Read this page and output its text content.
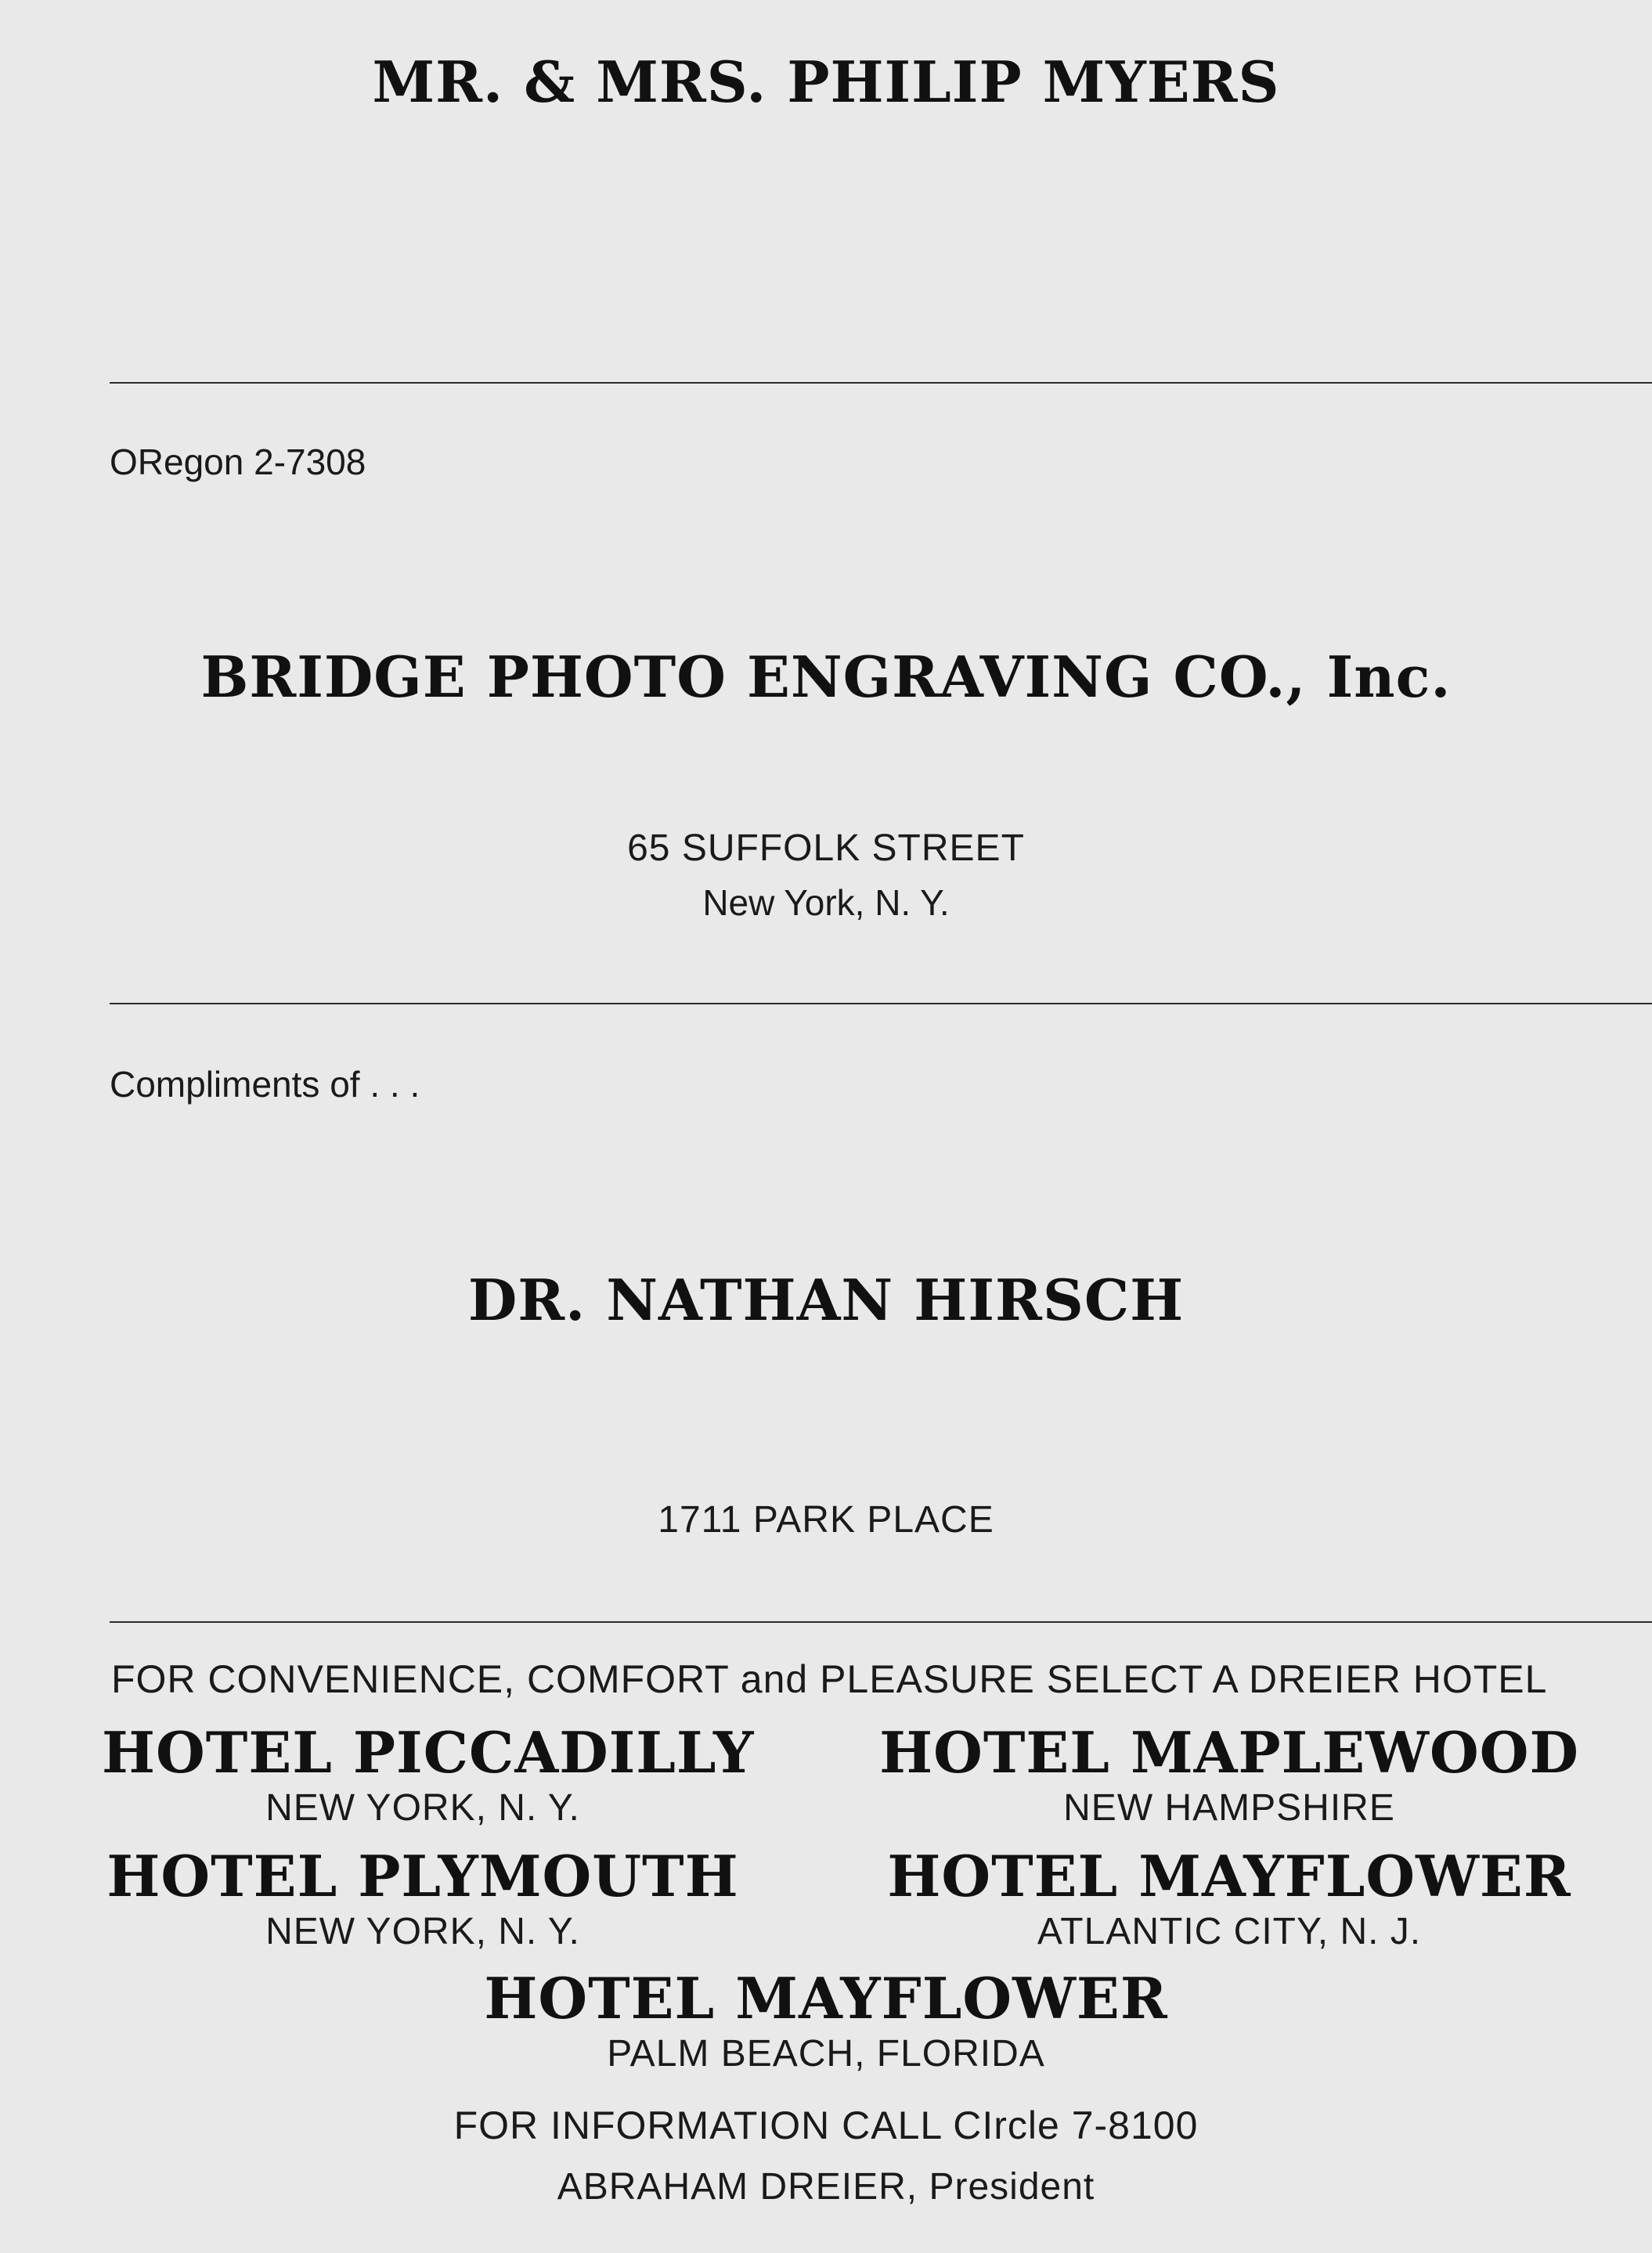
MR. & MRS. PHILIP MYERS
ORegon 2-7308
BRIDGE PHOTO ENGRAVING CO., Inc.
65 SUFFOLK STREET
New York, N. Y.
Compliments of . . .
DR. NATHAN HIRSCH
1711 PARK PLACE
FOR CONVENIENCE, COMFORT and PLEASURE SELECT A DREIER HOTEL
HOTEL PICCADILLY
NEW YORK, N. Y.
HOTEL MAPLEWOOD
NEW HAMPSHIRE
HOTEL PLYMOUTH
NEW YORK, N. Y.
HOTEL MAYFLOWER
ATLANTIC CITY, N. J.
HOTEL MAYFLOWER
PALM BEACH, FLORIDA
FOR INFORMATION CALL CIrcle 7-8100
ABRAHAM DREIER, President
